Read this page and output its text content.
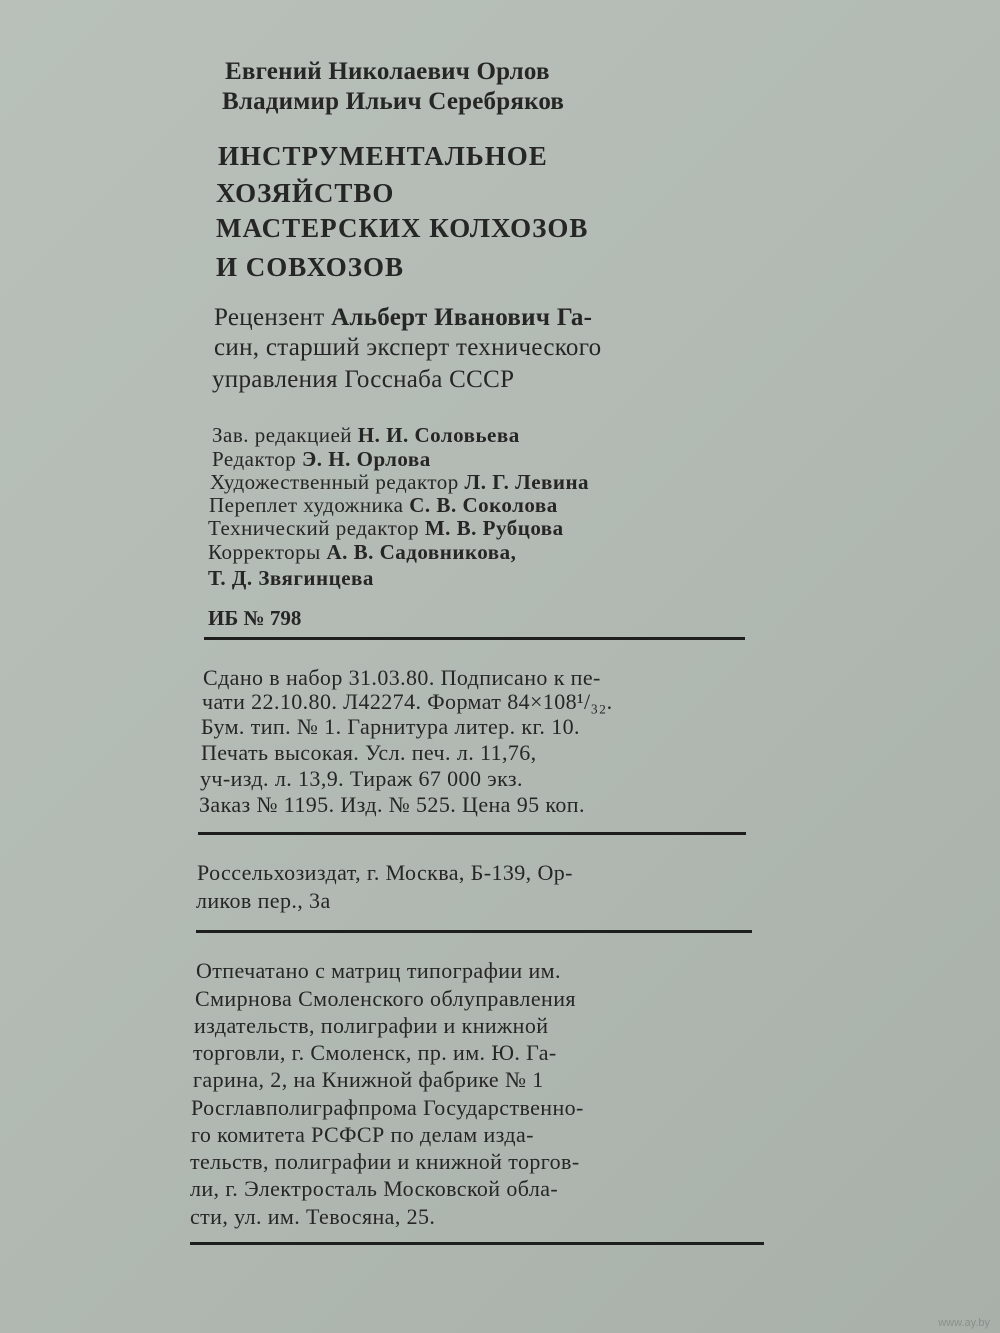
Евгений Николаевич Орлов
Владимир Ильич Серебряков
ИНСТРУМЕНТАЛЬНОЕ
ХОЗЯЙСТВО
МАСТЕРСКИХ КОЛХОЗОВ
И СОВХОЗОВ
Рецензент Альберт Иванович Га-
син, старший эксперт технического
управления Госснаба СССР
Зав. редакцией Н. И. Соловьева
Редактор Э. Н. Орлова
Художественный редактор Л. Г. Левина
Переплет художника С. В. Соколова
Технический редактор М. В. Рубцова
Корректоры А. В. Садовникова,
Т. Д. Звягинцева
ИБ № 798
Сдано в набор 31.03.80. Подписано к пе-
чати 22.10.80. Л42274. Формат 84×108¹/₃₂.
Бум. тип. № 1. Гарнитура литер. кг. 10.
Печать высокая. Усл. печ. л. 11,76,
уч-изд. л. 13,9. Тираж 67 000 экз.
Заказ № 1195. Изд. № 525. Цена 95 коп.
Россельхозиздат, г. Москва, Б-139, Ор-
ликов пер., 3а
Отпечатано с матриц типографии им.
Смирнова Смоленского облуправления
издательств, полиграфии и книжной
торговли, г. Смоленск, пр. им. Ю. Га-
гарина, 2, на Книжной фабрике № 1
Росглавполиграфпрома Государственно-
го комитета РСФСР по делам изда-
тельств, полиграфии и книжной торгов-
ли, г. Электросталь Московской обла-
сти, ул. им. Тевосяна, 25.
www.ay.by
